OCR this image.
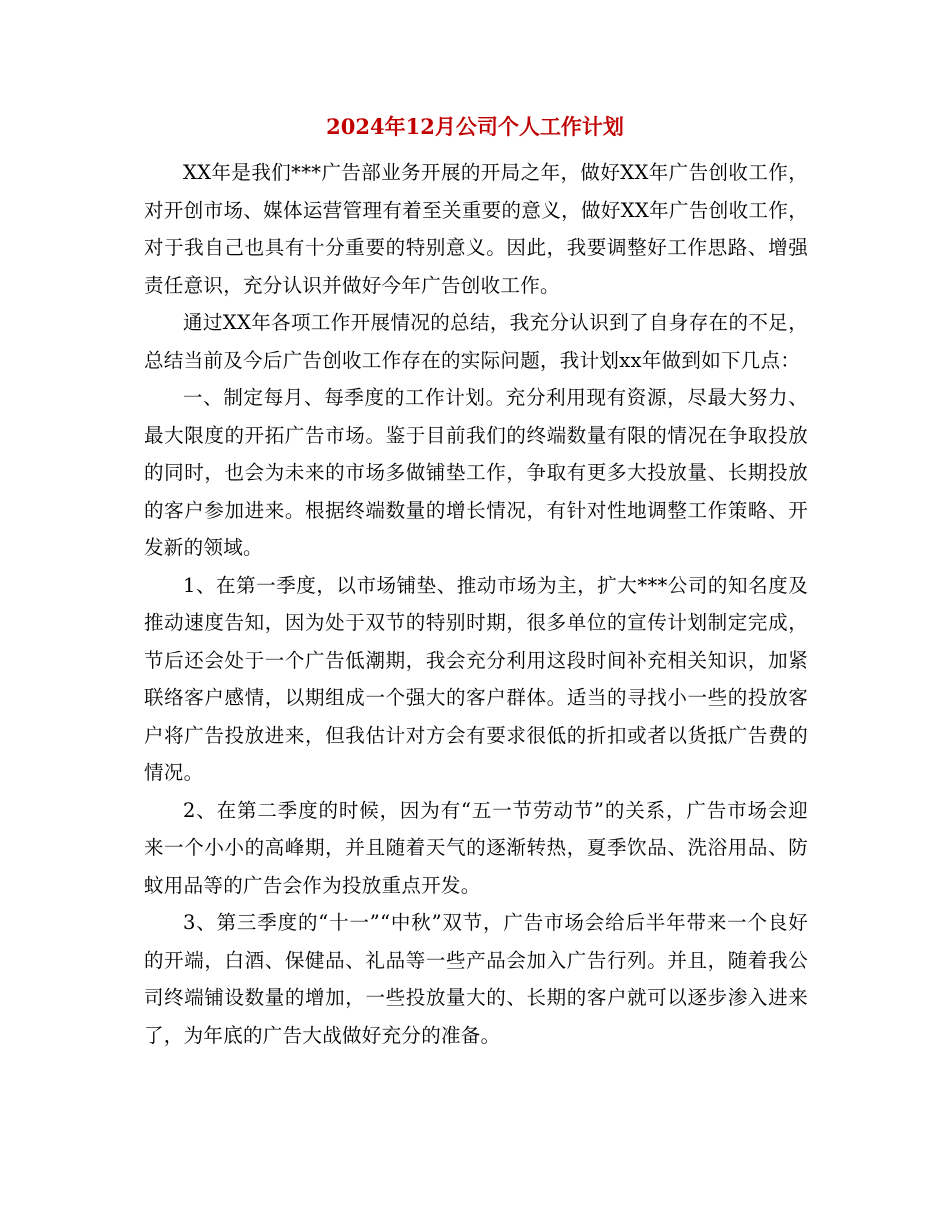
2024年12月公司个人工作计划

XX年是我们***广告部业务开展的开局之年，做好XX年广告创收工作，对开创市场、媒体运营管理有着至关重要的意义，做好XX年广告创收工作，对于我自己也具有十分重要的特别意义。因此，我要调整好工作思路、增强责任意识，充分认识并做好今年广告创收工作。

通过XX年各项工作开展情况的总结，我充分认识到了自身存在的不足，总结当前及今后广告创收工作存在的实际问题，我计划xx年做到如下几点：

一、制定每月、每季度的工作计划。充分利用现有资源，尽最大努力、最大限度的开拓广告市场。鉴于目前我们的终端数量有限的情况在争取投放的同时，也会为未来的市场多做铺垫工作，争取有更多大投放量、长期投放的客户参加进来。根据终端数量的增长情况，有针对性地调整工作策略、开发新的领域。

1、在第一季度，以市场铺垫、推动市场为主，扩大***公司的知名度及推动速度告知，因为处于双节的特别时期，很多单位的宣传计划制定完成，节后还会处于一个广告低潮期，我会充分利用这段时间补充相关知识，加紧联络客户感情，以期组成一个强大的客户群体。适当的寻找小一些的投放客户将广告投放进来，但我估计对方会有要求很低的折扣或者以货抵广告费的情况。

2、在第二季度的时候，因为有“五一节劳动节”的关系，广告市场会迎来一个小小的高峰期，并且随着天气的逐渐转热，夏季饮品、洗浴用品、防蚊用品等的广告会作为投放重点开发。

3、第三季度的“十一”“中秋”双节，广告市场会给后半年带来一个良好的开端，白酒、保健品、礼品等一些产品会加入广告行列。并且，随着我公司终端铺设数量的增加，一些投放量大的、长期的客户就可以逐步渗入进来了，为年底的广告大战做好充分的准备。
